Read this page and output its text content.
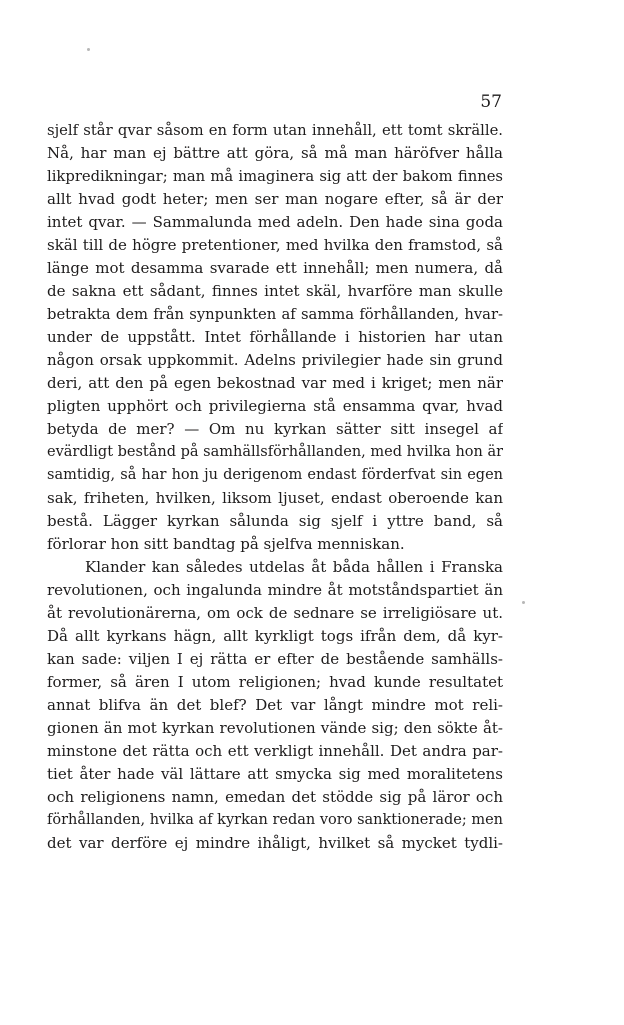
57
sjelf står qvar såsom en form utan innehåll, ett tomt skrälle.
Nå, har man ej bättre att göra, så må man häröfver hålla
likpredikningar; man må imaginera sig att der bakom finnes
allt hvad godt heter; men ser man nogare efter, så är der
intet qvar. — Sammalunda med adeln. Den hade sina goda
skäl till de högre pretentioner, med hvilka den framstod, så
länge mot desamma svarade ett innehåll; men numera, då
de sakna ett sådant, finnes intet skäl, hvarföre man skulle
betrakta dem från synpunkten af samma förhållanden, hvar-
under de uppstått. Intet förhållande i historien har utan
någon orsak uppkommit. Adelns privilegier hade sin grund
deri, att den på egen bekostnad var med i kriget; men när
pligten upphört och privilegierna stå ensamma qvar, hvad
betyda de mer? — Om nu kyrkan sätter sitt insegel af
evärdligt bestånd på samhällsförhållanden, med hvilka hon är
samtidig, så har hon ju derigenom endast förderfvat sin egen
sak, friheten, hvilken, liksom ljuset, endast oberoende kan
bestå. Lägger kyrkan sålunda sig sjelf i yttre band, så
förlorar hon sitt bandtag på sjelfva menniskan.
Klander kan således utdelas åt båda hållen i Franska
revolutionen, och ingalunda mindre åt motståndspartiet än
åt revolutionärerna, om ock de sednare se irreligiösare ut.
Då allt kyrkans hägn, allt kyrkligt togs ifrån dem, då kyr-
kan sade: viljen I ej rätta er efter de bestående samhälls-
former, så ären I utom religionen; hvad kunde resultatet
annat blifva än det blef? Det var långt mindre mot reli-
gionen än mot kyrkan revolutionen vände sig; den sökte åt-
minstone det rätta och ett verkligt innehåll. Det andra par-
tiet åter hade väl lättare att smycka sig med moralitetens
och religionens namn, emedan det stödde sig på läror och
förhållanden, hvilka af kyrkan redan voro sanktionerade; men
det var derföre ej mindre ihåligt, hvilket så mycket tydli-
